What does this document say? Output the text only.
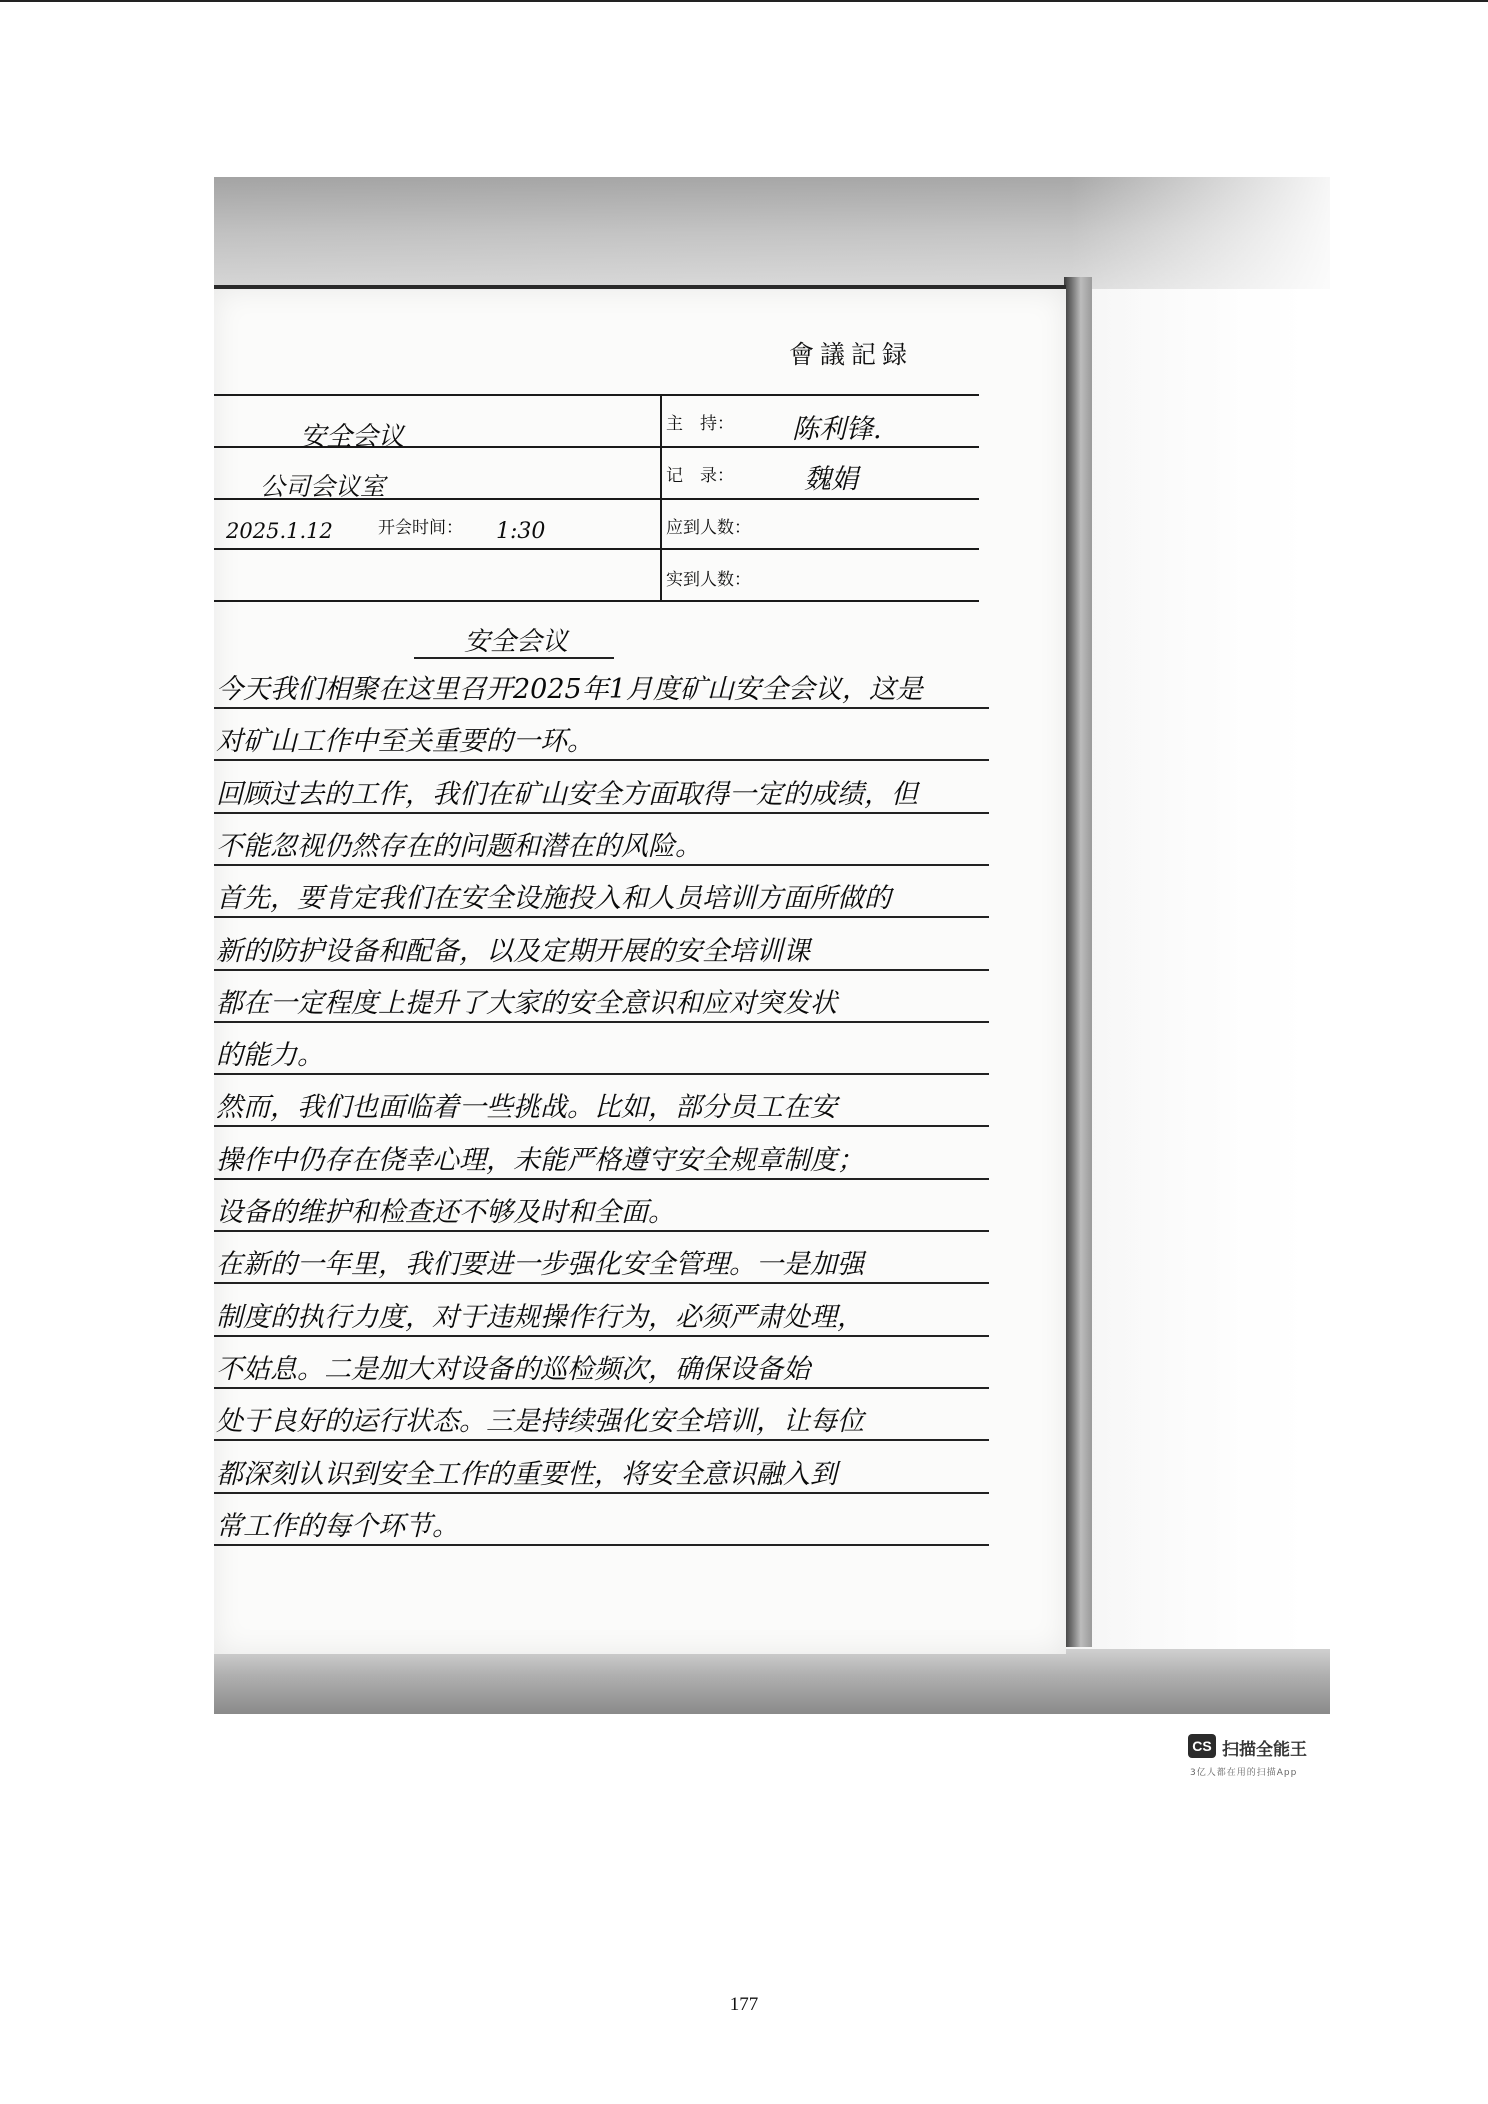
會議記録
安全会议
公司会议室
2025.1.12	开会时间： 1:30
主　持： 陈利锋.
记　录：	魏娟
应到人数：
实到人数：
安全会议
今天我们相聚在这里召开2025年1月度矿山安全会议，这是
对矿山工作中至关重要的一环。
回顾过去的工作，我们在矿山安全方面取得一定的成绩，但
不能忽视仍然存在的问题和潜在的风险。
首先，要肯定我们在安全设施投入和人员培训方面所做的
新的防护设备和配备，以及定期开展的安全培训课
都在一定程度上提升了大家的安全意识和应对突发状
的能力。
然而，我们也面临着一些挑战。比如，部分员工在安
操作中仍存在侥幸心理，未能严格遵守安全规章制度；
设备的维护和检查还不够及时和全面。
在新的一年里，我们要进一步强化安全管理。一是加强
制度的执行力度，对于违规操作行为，必须严肃处理，
不姑息。二是加大对设备的巡检频次，确保设备始
处于良好的运行状态。三是持续强化安全培训，让每位
都深刻认识到安全工作的重要性，将安全意识融入到
常工作的每个环节。
CS 扫描全能王
3亿人都在用的扫描App
177
